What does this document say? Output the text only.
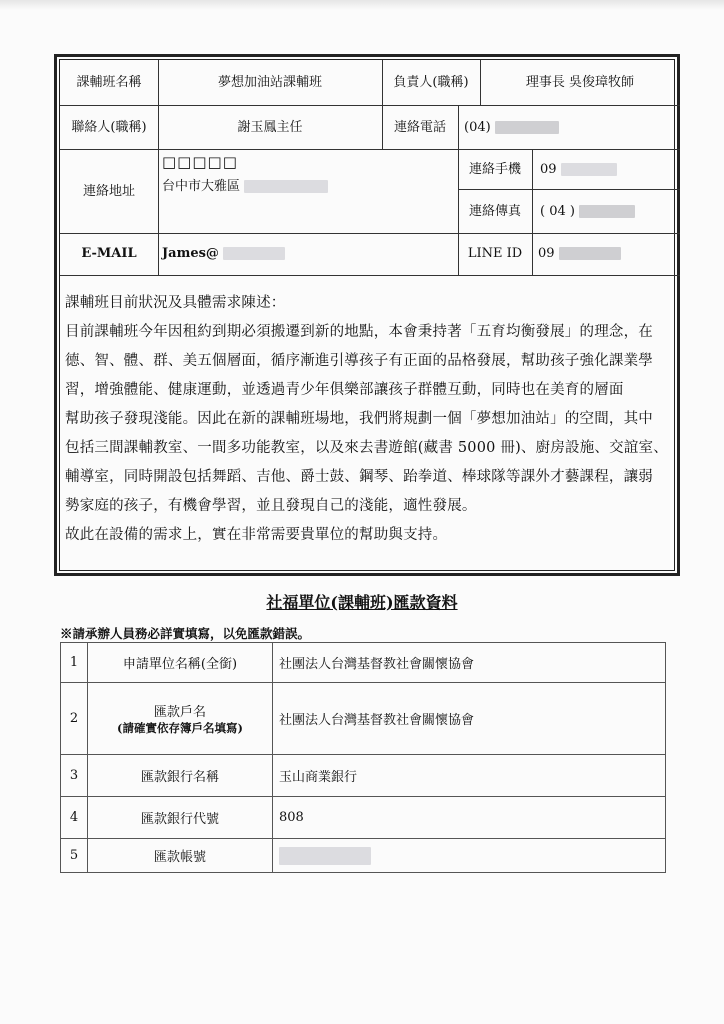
課輔班名稱	夢想加油站課輔班	負責人(職稱)	理事長 吳俊璋牧師
聯絡人(職稱)	謝玉鳳主任	連絡電話	(04)
連絡地址
□□□□□
台中市大雅區
連絡手機	09
連絡傳真	( 04 )
E-MAIL	James@	LINE ID	09

課輔班目前狀況及具體需求陳述：

目前課輔班今年因租約到期必須搬遷到新的地點，本會秉持著「五育均衡發展」的理念，在

德、智、體、群、美五個層面，循序漸進引導孩子有正面的品格發展，幫助孩子強化課業學

習，增強體能、健康運動，並透過青少年俱樂部讓孩子群體互動，同時也在美育的層面

幫助孩子發現淺能。因此在新的課輔班場地，我們將規劃一個「夢想加油站」的空間，其中

包括三間課輔教室、一間多功能教室，以及來去書遊館(藏書 5000 冊)、廚房設施、交誼室、

輔導室，同時開設包括舞蹈、吉他、爵士鼓、鋼琴、跆拳道、棒球隊等課外才藝課程，讓弱

勢家庭的孩子，有機會學習，並且發現自己的淺能，適性發展。

故此在設備的需求上，實在非常需要貴單位的幫助與支持。

社福單位(課輔班)匯款資料
※請承辦人員務必詳實填寫，以免匯款錯誤。
1	申請單位名稱(全銜)	社團法人台灣基督教社會關懷協會
2	匯款戶名
(請確實依存簿戶名填寫)	社團法人台灣基督教社會關懷協會
3	匯款銀行名稱	玉山商業銀行
4	匯款銀行代號	808
5	匯款帳號	
